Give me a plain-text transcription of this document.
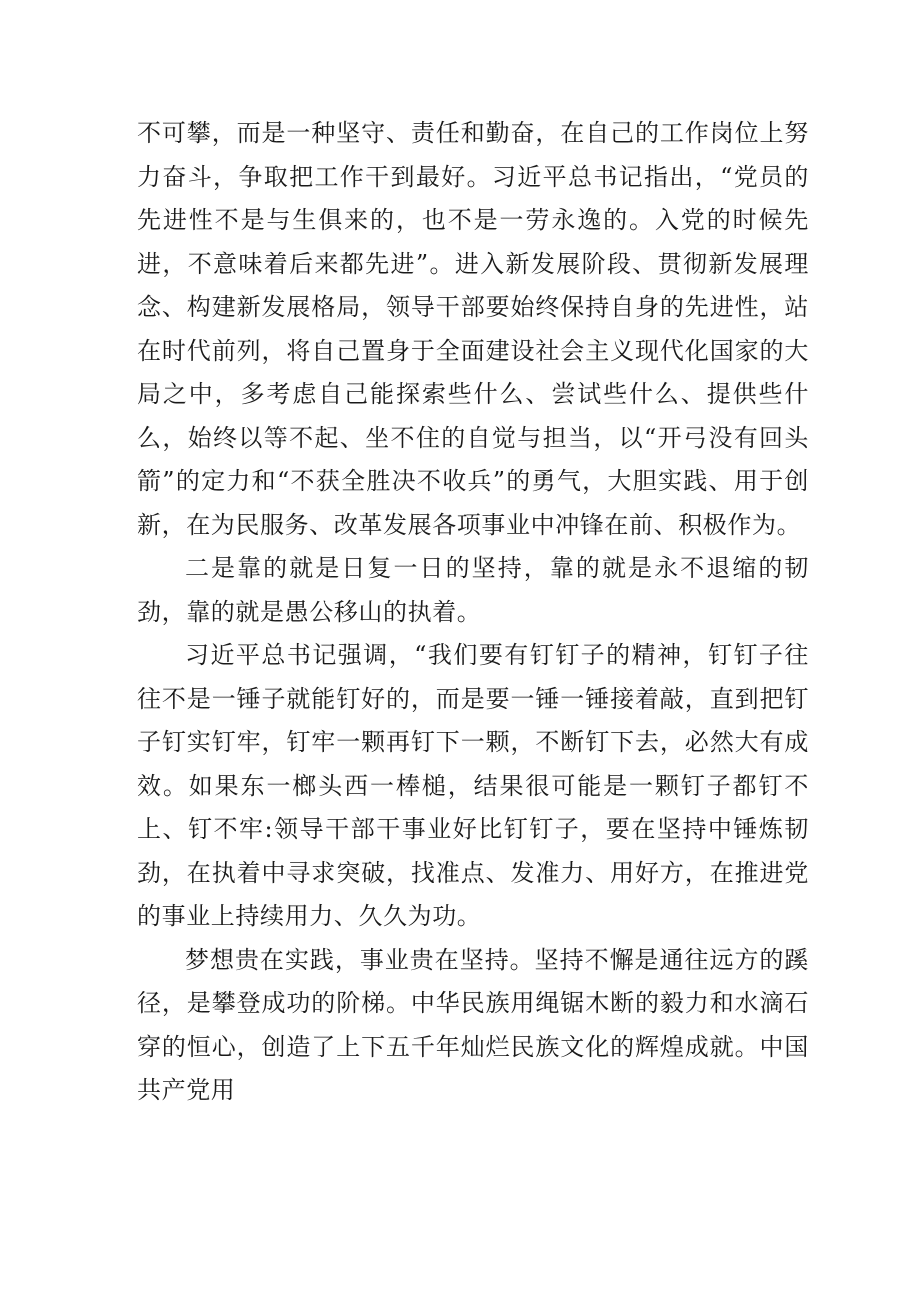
不可攀，而是一种坚守、责任和勤奋，在自己的工作岗位上努力奋斗，争取把工作干到最好。习近平总书记指出，“党员的先进性不是与生俱来的，也不是一劳永逸的。入党的时候先进，不意味着后来都先进”。进入新发展阶段、贯彻新发展理念、构建新发展格局，领导干部要始终保持自身的先进性，站在时代前列，将自己置身于全面建设社会主义现代化国家的大局之中，多考虑自己能探索些什么、尝试些什么、提供些什么，始终以等不起、坐不住的自觉与担当，以“开弓没有回头箭”的定力和“不获全胜决不收兵”的勇气，大胆实践、用于创新，在为民服务、改革发展各项事业中冲锋在前、积极作为。

二是靠的就是日复一日的坚持，靠的就是永不退缩的韧劲，靠的就是愚公移山的执着。

习近平总书记强调，“我们要有钉钉子的精神，钉钉子往往不是一锤子就能钉好的，而是要一锤一锤接着敲，直到把钉子钉实钉牢，钉牢一颗再钉下一颗，不断钉下去，必然大有成效。如果东一榔头西一棒槌，结果很可能是一颗钉子都钉不上、钉不牢:领导干部干事业好比钉钉子，要在坚持中锤炼韧劲，在执着中寻求突破，找准点、发准力、用好方，在推进党的事业上持续用力、久久为功。

梦想贵在实践，事业贵在坚持。坚持不懈是通往远方的蹊径，是攀登成功的阶梯。中华民族用绳锯木断的毅力和水滴石穿的恒心，创造了上下五千年灿烂民族文化的辉煌成就。中国共产党用
